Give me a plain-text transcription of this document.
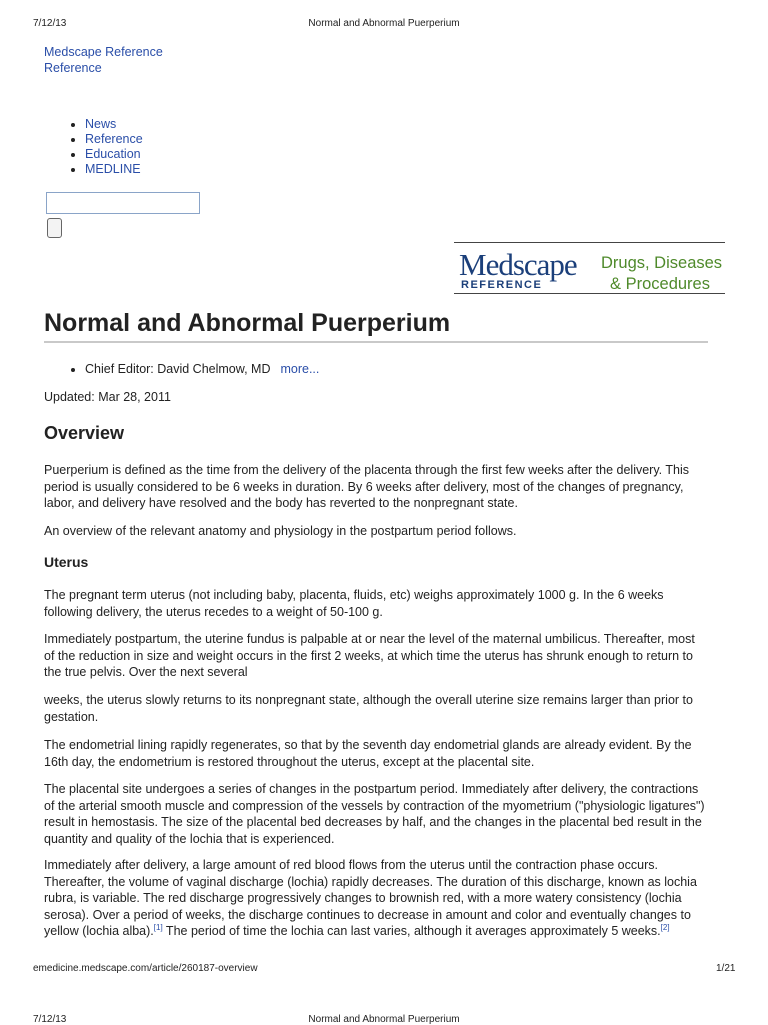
7/12/13	Normal and Abnormal Puerperium
Medscape Reference
Reference
• News
• Reference
• Education
• MEDLINE
Medscape
REFERENCE
Drugs, Diseases
& Procedures
Normal and Abnormal Puerperium
• Chief Editor: David Chelmow, MD more...
Updated: Mar 28, 2011
Overview

Puerperium is defined as the time from the delivery of the placenta through the first few weeks after the delivery. This period is usually considered to be 6 weeks in duration. By 6 weeks after delivery, most of the changes of pregnancy, labor, and delivery have resolved and the body has reverted to the nonpregnant state.

An overview of the relevant anatomy and physiology in the postpartum period follows.

Uterus

The pregnant term uterus (not including baby, placenta, fluids, etc) weighs approximately 1000 g. In the 6 weeks following delivery, the uterus recedes to a weight of 50-100 g.

Immediately postpartum, the uterine fundus is palpable at or near the level of the maternal umbilicus. Thereafter, most of the reduction in size and weight occurs in the first 2 weeks, at which time the uterus has shrunk enough to return to the true pelvis. Over the next several

weeks, the uterus slowly returns to its nonpregnant state, although the overall uterine size remains larger than prior to gestation.

The endometrial lining rapidly regenerates, so that by the seventh day endometrial glands are already evident. By the 16th day, the endometrium is restored throughout the uterus, except at the placental site.

The placental site undergoes a series of changes in the postpartum period. Immediately after delivery, the contractions of the arterial smooth muscle and compression of the vessels by contraction of the myometrium ("physiologic ligatures") result in hemostasis. The size of the placental bed decreases by half, and the changes in the placental bed result in the quantity and quality of the lochia that is experienced.

Immediately after delivery, a large amount of red blood flows from the uterus until the contraction phase occurs. Thereafter, the volume of vaginal discharge (lochia) rapidly decreases. The duration of this discharge, known as lochia rubra, is variable. The red discharge progressively changes to brownish red, with a more watery consistency (lochia serosa). Over a period of weeks, the discharge continues to decrease in amount and color and eventually changes to yellow (lochia alba).[1] The period of time the lochia can last varies, although it averages approximately 5 weeks.[2]

emedicine.medscape.com/article/260187-overview	1/21
7/12/13	Normal and Abnormal Puerperium
